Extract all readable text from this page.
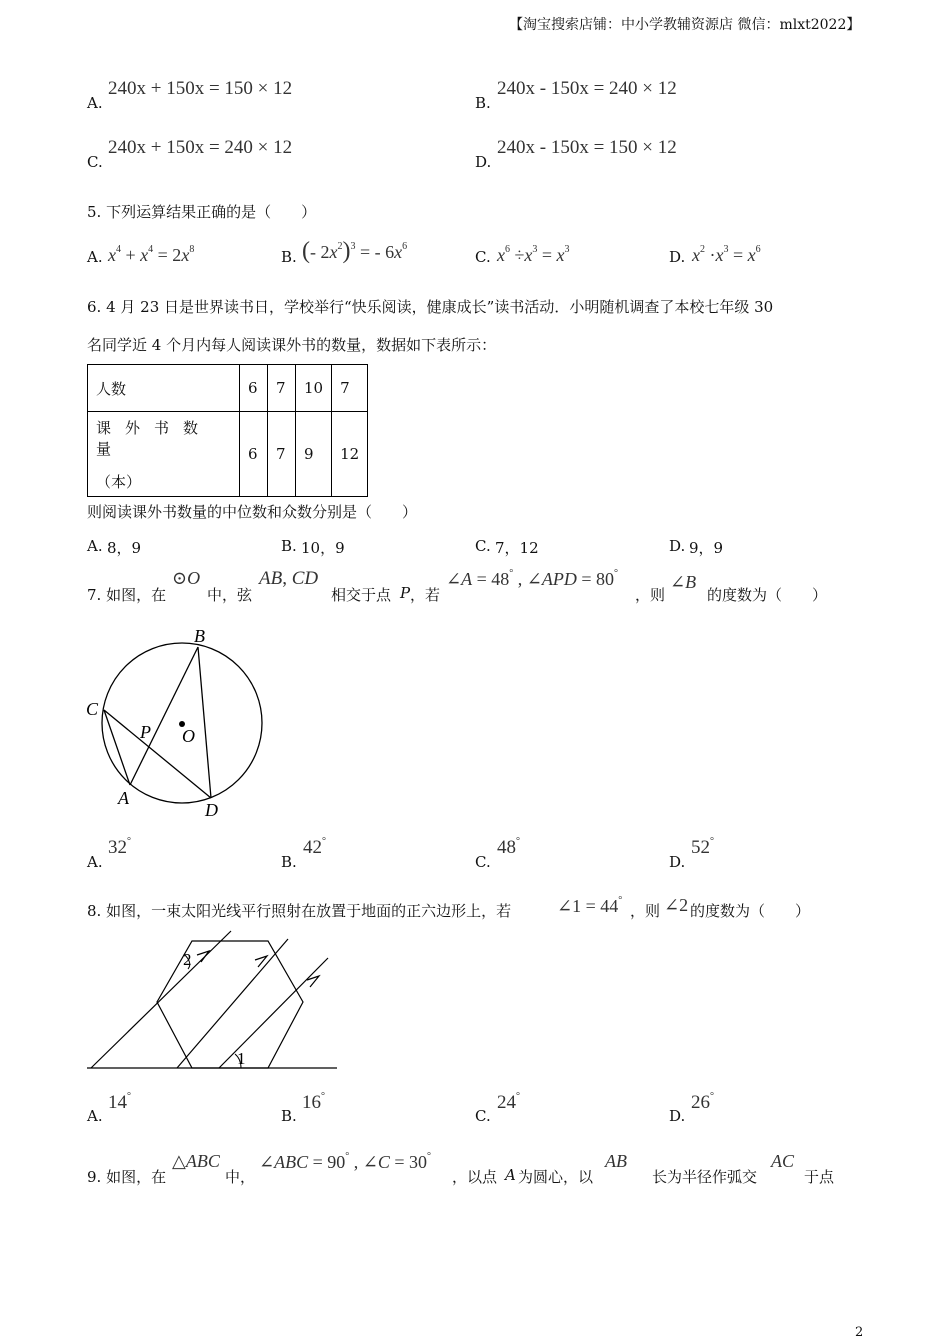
【淘宝搜索店铺：中小学教辅资源店 微信：mlxt2022】
A.
240x + 150x = 150 × 12
B.
240x - 150x = 240 × 12
C.
240x + 150x = 240 × 12
D.
240x - 150x = 150 × 12
5. 下列运算结果正确的是（　　）
A. $x^4 + x^4 = 2x^8$	B. (- $2x^2)^3$ = - $6x^6$
C. $x^6 \div x^3 = x^3$	D. $x^2 \cdot x^3 = x^6$
6. 4 月 23 日是世界读书日，学校举行“快乐阅读，健康成长”读书活动．小明随机调查了本校七年级 30
名同学近 4 个月内每人阅读课外书的数量，数据如下表所示：
人数	6	7	10	7

课外书数量
（本）	6	7	9	12
则阅读课外书数量的中位数和众数分别是（　　）
A. 8，9	B. 10，9	C. 7，12	D. 9，9
7. 如图，在
⊙O
中，弦
AB, CD
相交于点 P ，若
∠A = 48° , ∠APD = 80°
，则
∠B
的度数为（　　）
B
C
P O
A
D
A.
32°
B.
42°
C.
48°
D.
52°
8. 如图，一束太阳光线平行照射在放置于地面的正六边形上，若	∠1 = 44°
，则 ∠2 的度数为（　　）
2
1
A.
14°
B.
16°
C.
24°
D.
26°
9. 如图，在
△ABC
中，
∠ABC = 90° , ∠C = 30°
，以点 A 为圆心，以
AB
长为半径作弧交
AC
于点
2
